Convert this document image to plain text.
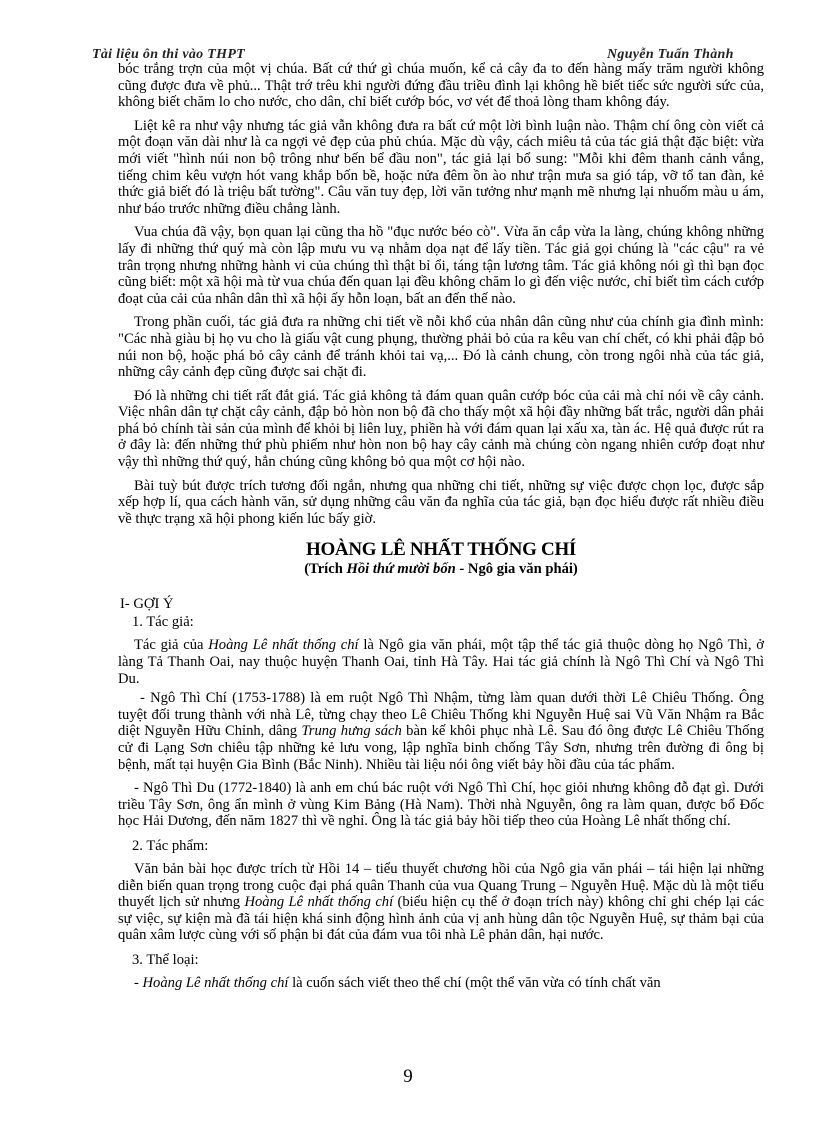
Tài liệu ôn thi vào THPT	Nguyễn Tuấn Thành

bóc trắng trợn của một vị chúa. Bất cứ thứ gì chúa muốn, kể cả cây đa to đến hàng mấy trăm người không cũng được đưa về phủ... Thật trớ trêu khi người đứng đầu triều đình lại không hề biết tiếc sức người sức của, không biết chăm lo cho nước, cho dân, chỉ biết cướp bóc, vơ vét để thoả lòng tham không đáy.

Liệt kê ra như vậy nhưng tác giả vẫn không đưa ra bất cứ một lời bình luận nào. Thậm chí ông còn viết cả một đoạn văn dài như là ca ngợi vẻ đẹp của phủ chúa. Mặc dù vậy, cách miêu tả của tác giả thật đặc biệt: vừa mới viết "hình núi non bộ trông như bến bể đầu non", tác giả lại bổ sung: "Mỗi khi đêm thanh cảnh vắng, tiếng chim kêu vượn hót vang khắp bốn bề, hoặc nửa đêm ồn ào như trận mưa sa gió táp, vỡ tổ tan đàn, kẻ thức giả biết đó là triệu bất tường". Câu văn tuy đẹp, lời văn tưởng như mạnh mẽ nhưng lại nhuốm màu u ám, như báo trước những điều chẳng lành.

Vua chúa đã vậy, bọn quan lại cũng tha hồ "đục nước béo cò". Vừa ăn cắp vừa la làng, chúng không những lấy đi những thứ quý mà còn lập mưu vu vạ nhằm dọa nạt để lấy tiền. Tác giả gọi chúng là "các cậu" ra vẻ trân trọng nhưng những hành vi của chúng thì thật bỉ ổi, táng tận lương tâm. Tác giả không nói gì thì bạn đọc cũng biết: một xã hội mà từ vua chúa đến quan lại đều không chăm lo gì đến việc nước, chỉ biết tìm cách cướp đoạt của cải của nhân dân thì xã hội ấy hỗn loạn, bất an đến thế nào.

Trong phần cuối, tác giả đưa ra những chi tiết về nỗi khổ của nhân dân cũng như của chính gia đình mình: "Các nhà giàu bị họ vu cho là giấu vật cung phụng, thường phải bỏ của ra kêu van chí chết, có khi phải đập bỏ núi non bộ, hoặc phá bỏ cây cảnh để tránh khỏi tai vạ,... Đó là cảnh chung, còn trong ngôi nhà của tác giả, những cây cảnh đẹp cũng được sai chặt đi.

Đó là những chi tiết rất đắt giá. Tác giả không tả đám quan quân cướp bóc của cải mà chỉ nói về cây cảnh. Việc nhân dân tự chặt cây cảnh, đập bỏ hòn non bộ đã cho thấy một xã hội đầy những bất trắc, người dân phải phá bỏ chính tài sản của mình để khỏi bị liên luỵ, phiền hà với đám quan lại xấu xa, tàn ác. Hệ quả được rút ra ở đây là: đến những thứ phù phiếm như hòn non bộ hay cây cảnh mà chúng còn ngang nhiên cướp đoạt như vậy thì những thứ quý, hẳn chúng cũng không bỏ qua một cơ hội nào.

Bài tuỳ bút được trích tương đối ngắn, nhưng qua những chi tiết, những sự việc được chọn lọc, được sắp xếp hợp lí, qua cách hành văn, sử dụng những câu văn đa nghĩa của tác giả, bạn đọc hiểu được rất nhiều điều về thực trạng xã hội phong kiến lúc bấy giờ.

HOÀNG LÊ NHẤT THỐNG CHÍ
(Trích Hồi thứ mười bốn - Ngô gia văn phái)
I- GỢI Ý
1. Tác giả:

Tác giả của Hoàng Lê nhất thống chí là Ngô gia văn phái, một tập thể tác giả thuộc dòng họ Ngô Thì, ở làng Tả Thanh Oai, nay thuộc huyện Thanh Oai, tỉnh Hà Tây. Hai tác giả chính là Ngô Thì Chí và Ngô Thì Du.

- Ngô Thì Chí (1753-1788) là em ruột Ngô Thì Nhậm, từng làm quan dưới thời Lê Chiêu Thống. Ông tuyệt đối trung thành với nhà Lê, từng chạy theo Lê Chiêu Thống khi Nguyễn Huệ sai Vũ Văn Nhậm ra Bắc diệt Nguyễn Hữu Chỉnh, dâng Trung hưng sách bàn kế khôi phục nhà Lê. Sau đó ông được Lê Chiêu Thống cử đi Lạng Sơn chiêu tập những kẻ lưu vong, lập nghĩa binh chống Tây Sơn, nhưng trên đường đi ông bị bệnh, mất tại huyện Gia Bình (Bắc Ninh). Nhiều tài liệu nói ông viết bảy hồi đầu của tác phẩm.

- Ngô Thì Du (1772-1840) là anh em chú bác ruột với Ngô Thì Chí, học giỏi nhưng không đỗ đạt gì. Dưới triều Tây Sơn, ông ẩn mình ở vùng Kim Bảng (Hà Nam). Thời nhà Nguyễn, ông ra làm quan, được bổ Đốc học Hải Dương, đến năm 1827 thì về nghỉ. Ông là tác giả bảy hồi tiếp theo của Hoàng Lê nhất thống chí.

2. Tác phẩm:

Văn bản bài học được trích từ Hồi 14 – tiểu thuyết chương hồi của Ngô gia văn phái – tái hiện lại những diễn biến quan trọng trong cuộc đại phá quân Thanh của vua Quang Trung – Nguyễn Huệ. Mặc dù là một tiểu thuyết lịch sử nhưng Hoàng Lê nhất thống chí (biểu hiện cụ thể ở đoạn trích này) không chỉ ghi chép lại các sự việc, sự kiện mà đã tái hiện khá sinh động hình ảnh của vị anh hùng dân tộc Nguyễn Huệ, sự thảm bại của quân xâm lược cùng với số phận bi đát của đám vua tôi nhà Lê phản dân, hại nước.

3. Thể loại:

- Hoàng Lê nhất thống chí là cuốn sách viết theo thể chí (một thể văn vừa có tính chất văn

9
